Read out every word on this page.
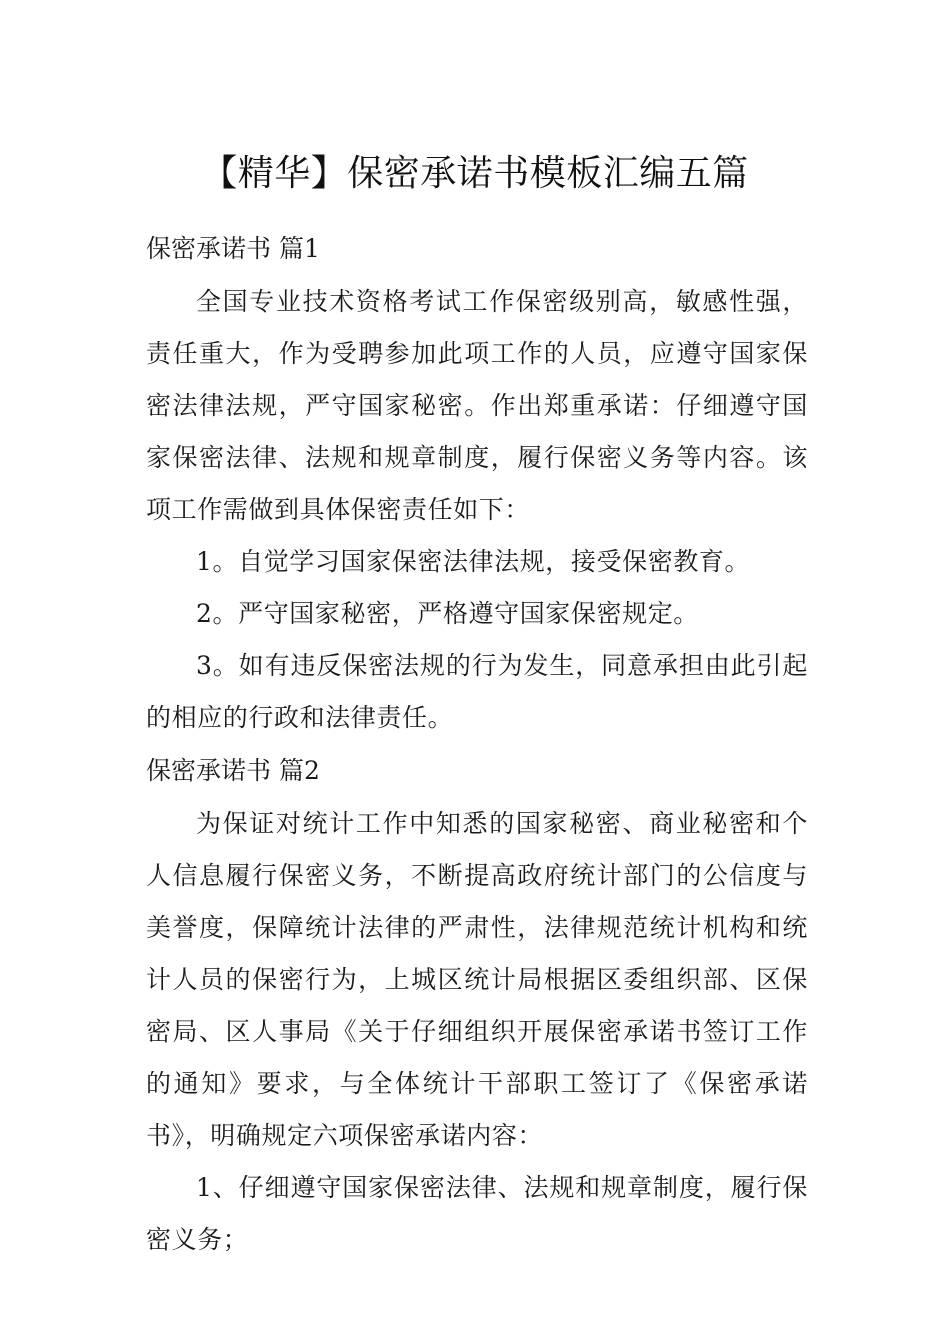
【精华】保密承诺书模板汇编五篇

保密承诺书 篇1

全国专业技术资格考试工作保密级别高，敏感性强，责任重大，作为受聘参加此项工作的人员，应遵守国家保密法律法规，严守国家秘密。作出郑重承诺：仔细遵守国家保密法律、法规和规章制度，履行保密义务等内容。该项工作需做到具体保密责任如下：

1。自觉学习国家保密法律法规，接受保密教育。

2。严守国家秘密，严格遵守国家保密规定。

3。如有违反保密法规的行为发生，同意承担由此引起的相应的行政和法律责任。

保密承诺书 篇2

为保证对统计工作中知悉的国家秘密、商业秘密和个人信息履行保密义务，不断提高政府统计部门的公信度与美誉度，保障统计法律的严肃性，法律规范统计机构和统计人员的保密行为，上城区统计局根据区委组织部、区保密局、区人事局《关于仔细组织开展保密承诺书签订工作的通知》要求，与全体统计干部职工签订了《保密承诺书》，明确规定六项保密承诺内容：

1、仔细遵守国家保密法律、法规和规章制度，履行保密义务；
